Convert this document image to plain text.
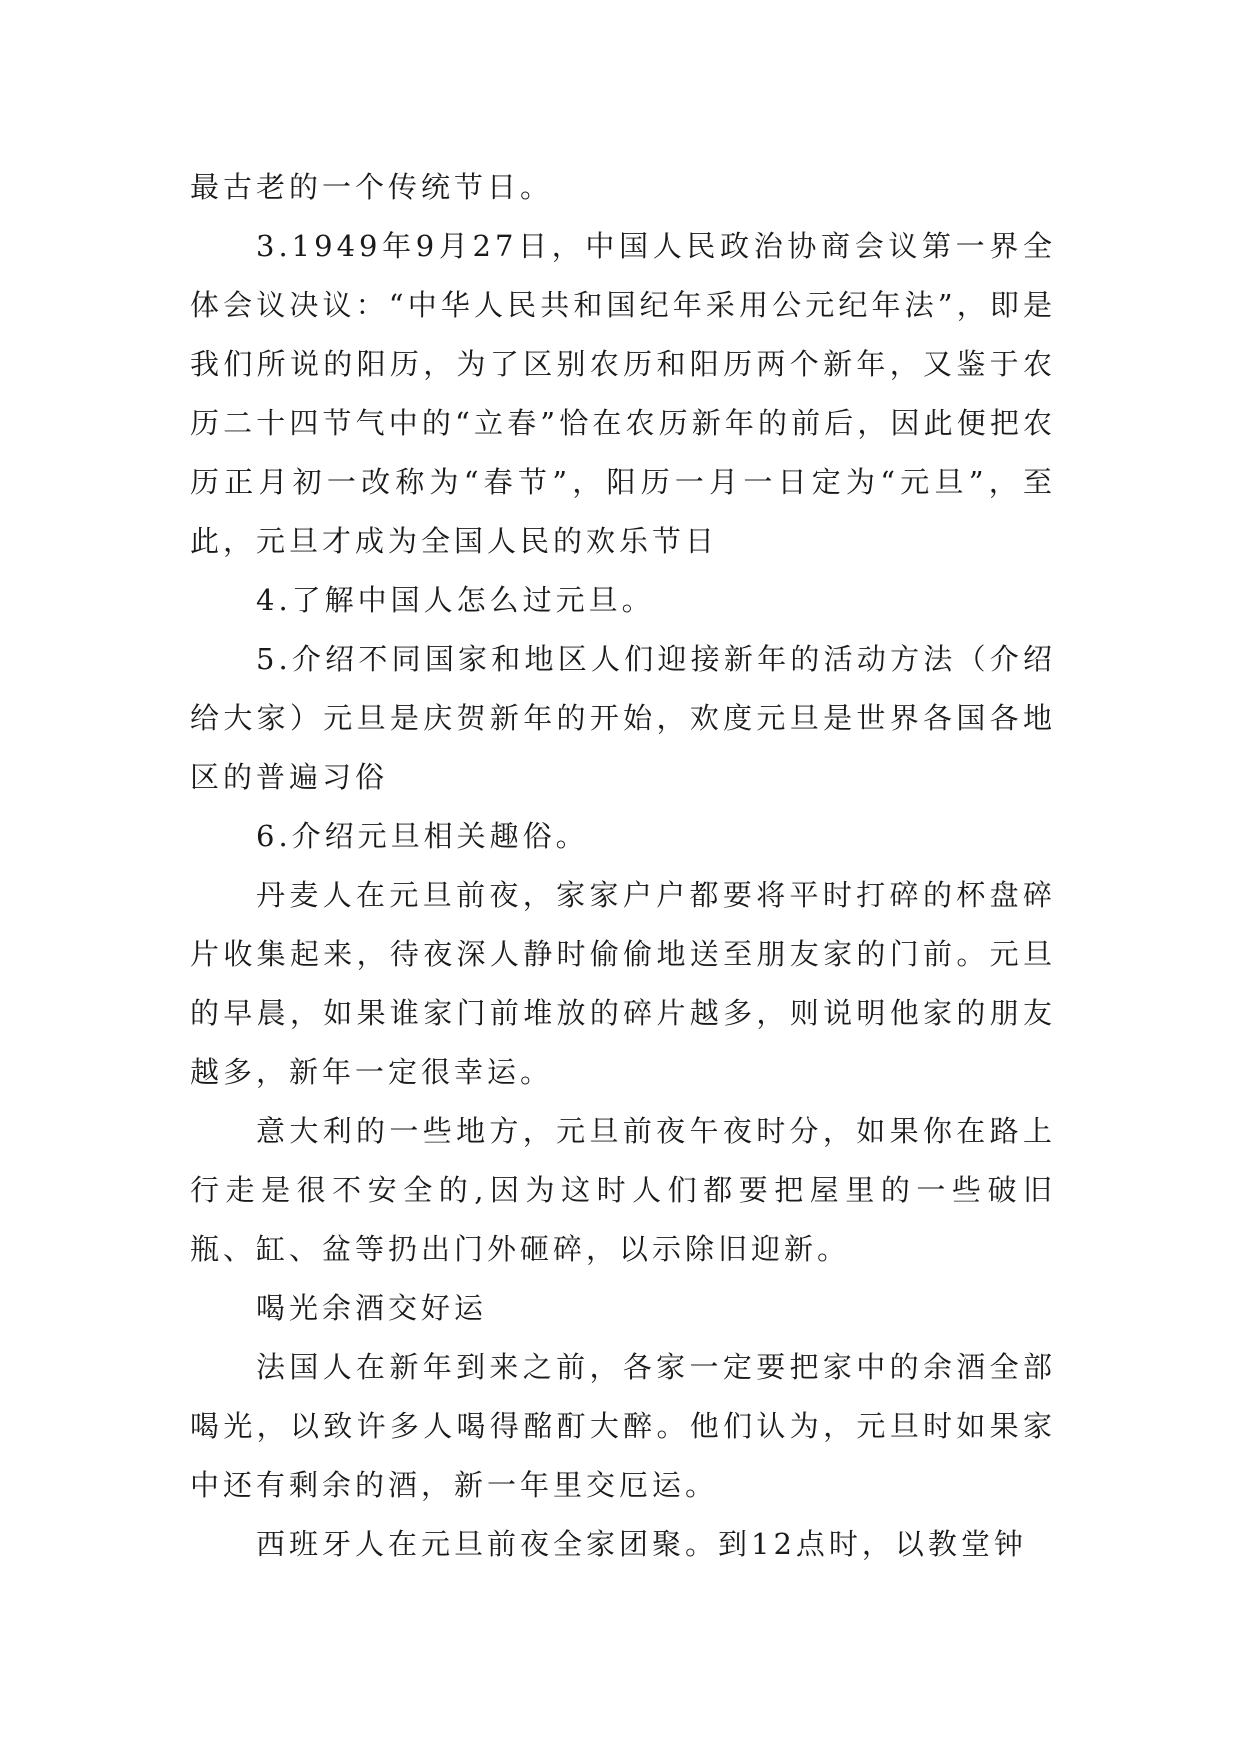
最古老的一个传统节日。

3.1949年9月27日，中国人民政治协商会议第一界全体会议决议：“中华人民共和国纪年采用公元纪年法”，即是我们所说的阳历，为了区别农历和阳历两个新年，又鉴于农历二十四节气中的“立春”恰在农历新年的前后，因此便把农历正月初一改称为“春节”，阳历一月一日定为“元旦”，至此，元旦才成为全国人民的欢乐节日

4.了解中国人怎么过元旦。

5.介绍不同国家和地区人们迎接新年的活动方法（介绍给大家）元旦是庆贺新年的开始，欢度元旦是世界各国各地区的普遍习俗

6.介绍元旦相关趣俗。

丹麦人在元旦前夜，家家户户都要将平时打碎的杯盘碎片收集起来，待夜深人静时偷偷地送至朋友家的门前。元旦的早晨，如果谁家门前堆放的碎片越多，则说明他家的朋友越多，新年一定很幸运。

意大利的一些地方，元旦前夜午夜时分，如果你在路上行走是很不安全的,因为这时人们都要把屋里的一些破旧瓶、缸、盆等扔出门外砸碎，以示除旧迎新。

喝光余酒交好运

法国人在新年到来之前，各家一定要把家中的余酒全部喝光，以致许多人喝得酩酊大醉。他们认为，元旦时如果家中还有剩余的酒，新一年里交厄运。

西班牙人在元旦前夜全家团聚。到12点时，以教堂钟
